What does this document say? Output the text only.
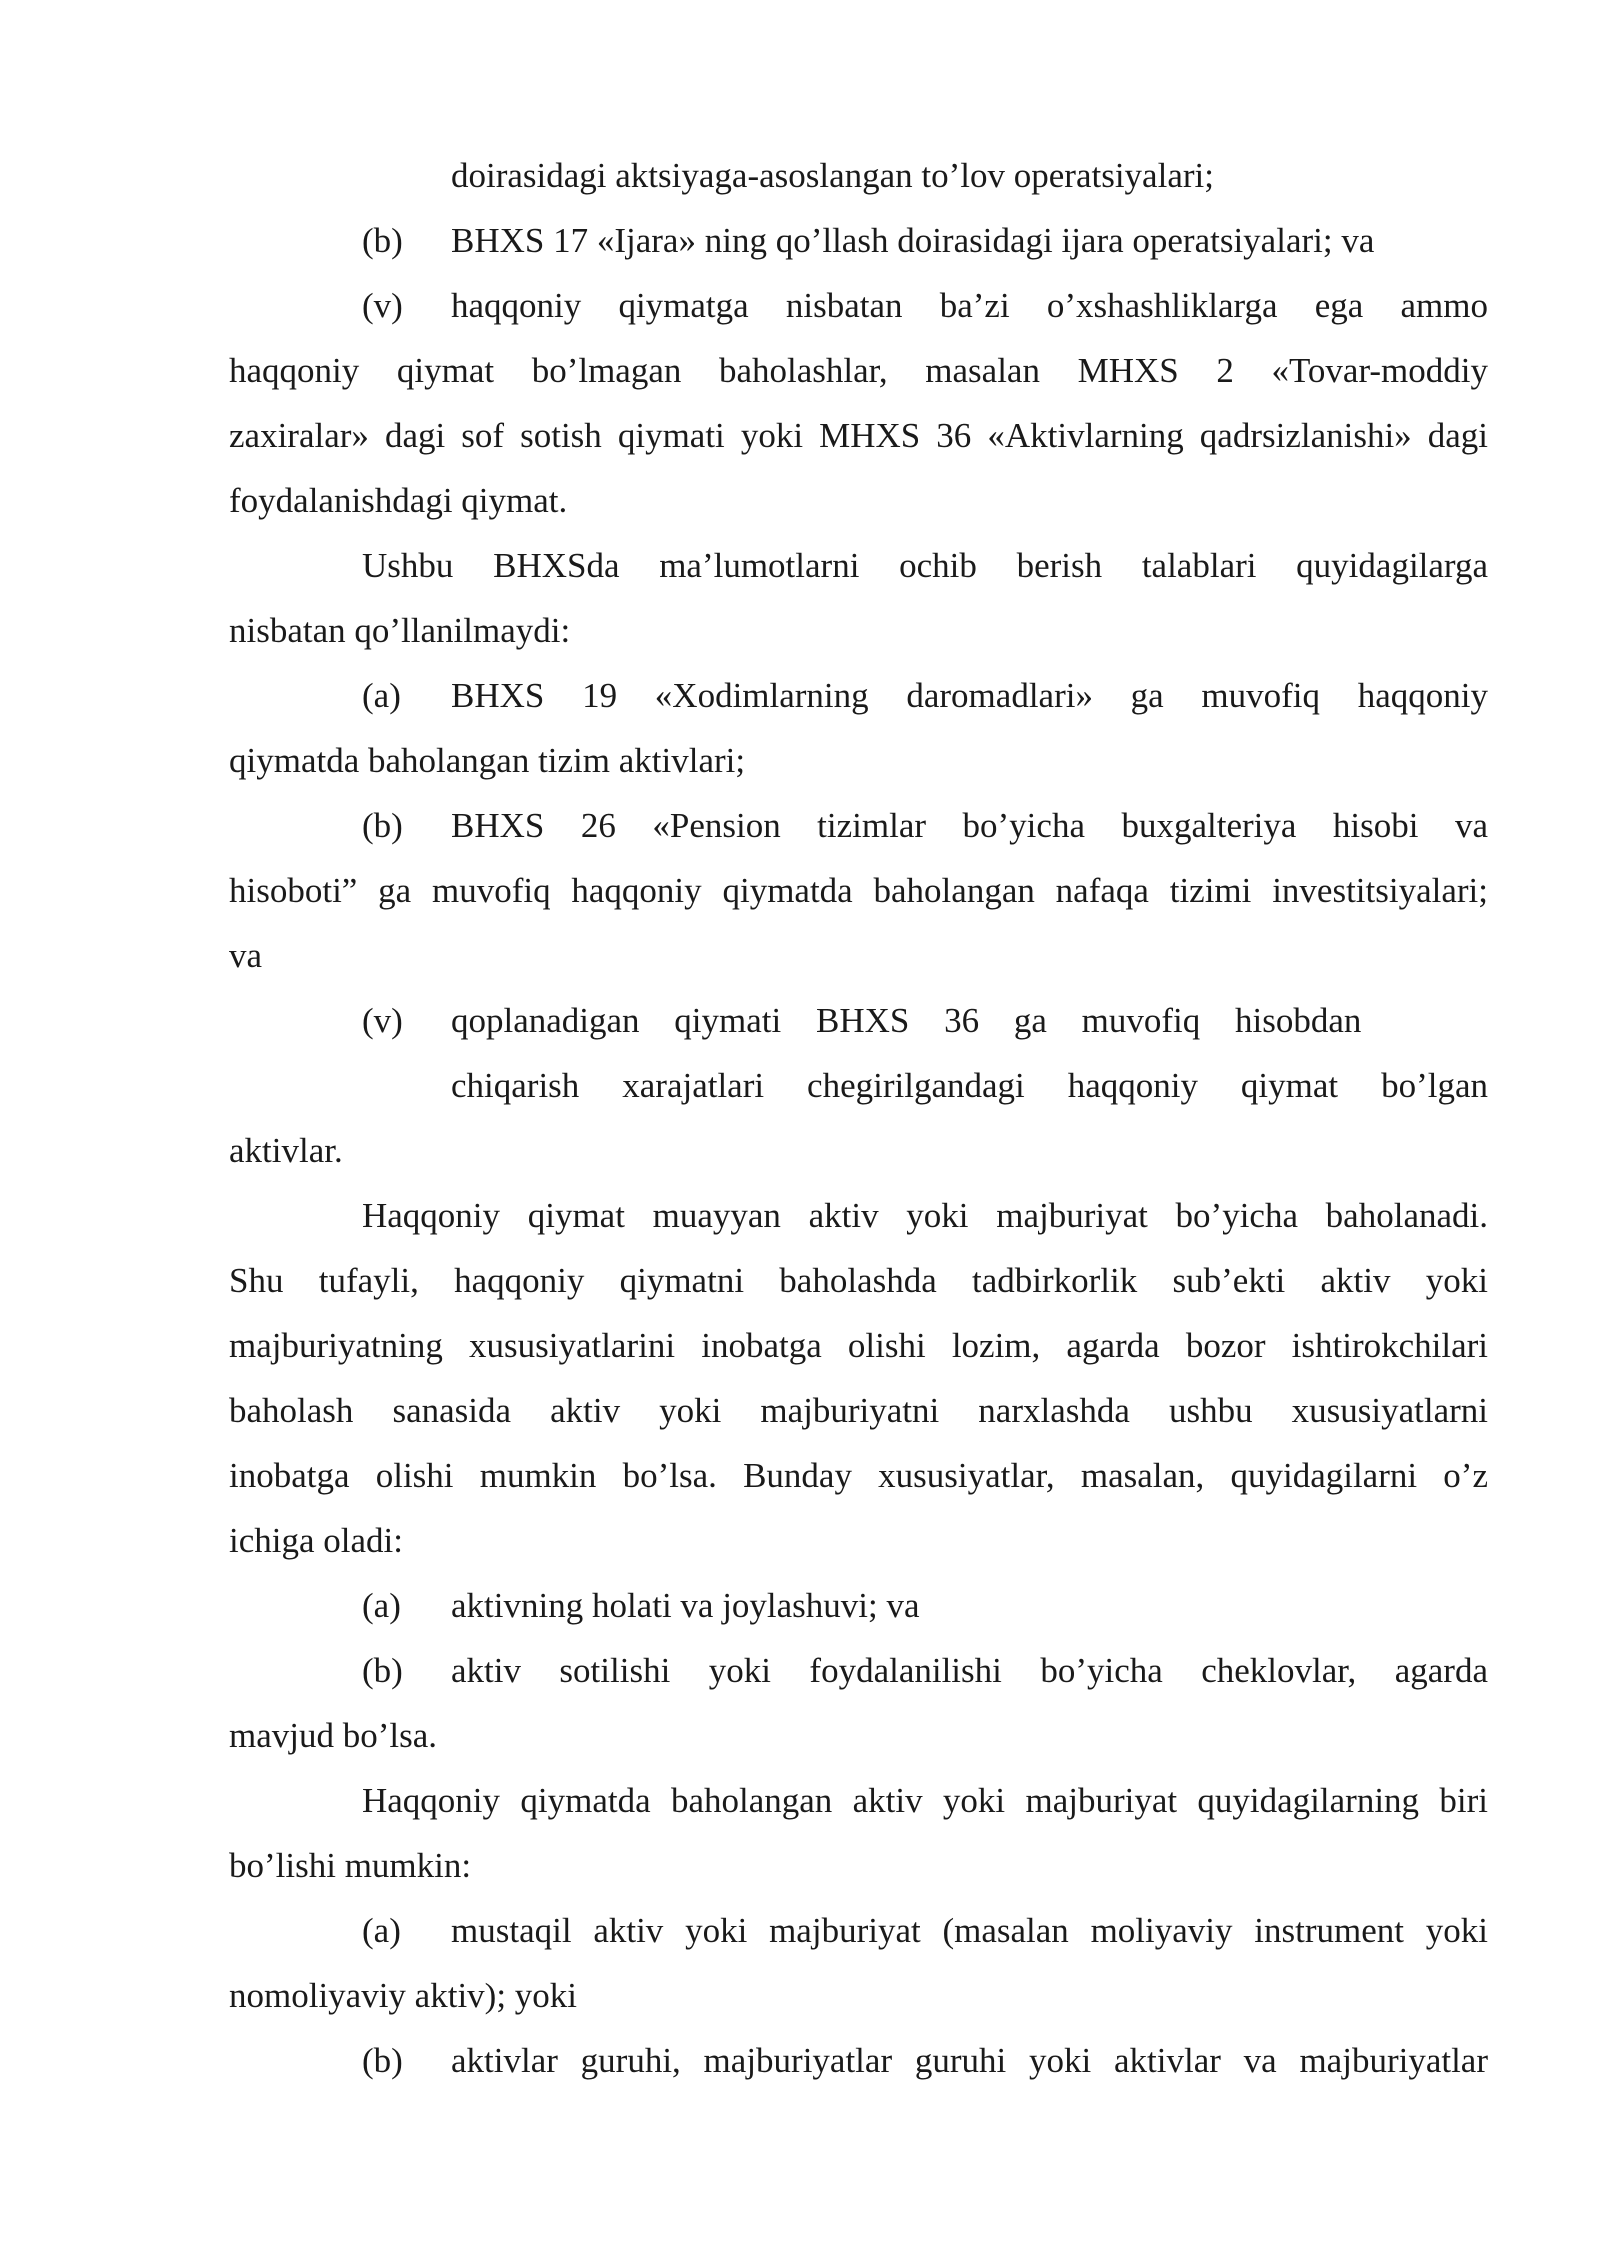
doirasidagi aktsiyaga-asoslangan to’lov operatsiyalari;
(b) BHXS 17 «Ijara» ning qo’llash doirasidagi ijara operatsiyalari; va
(v) haqqoniy qiymatga nisbatan ba’zi o’xshashliklarga ega ammo
haqqoniy qiymat bo’lmagan baholashlar, masalan MHXS 2 «Tovar-moddiy
zaxiralar» dagi sof sotish qiymati yoki MHXS 36 «Aktivlarning qadrsizlanishi» dagi
foydalanishdagi qiymat.
Ushbu BHXSda ma’lumotlarni ochib berish talablari quyidagilarga
nisbatan qo’llanilmaydi:
(a) BHXS 19 «Xodimlarning daromadlari» ga muvofiq haqqoniy
qiymatda baholangan tizim aktivlari;
(b) BHXS 26 «Pension tizimlar bo’yicha buxgalteriya hisobi va
hisoboti” ga muvofiq haqqoniy qiymatda baholangan nafaqa tizimi investitsiyalari;
va
(v) qoplanadigan qiymati BHXS 36 ga muvofiq hisobdan
chiqarish xarajatlari chegirilgandagi haqqoniy qiymat bo’lgan
aktivlar.
Haqqoniy qiymat muayyan aktiv yoki majburiyat bo’yicha baholanadi.
Shu tufayli, haqqoniy qiymatni baholashda tadbirkorlik sub’ekti aktiv yoki
majburiyatning xususiyatlarini inobatga olishi lozim, agarda bozor ishtirokchilari
baholash sanasida aktiv yoki majburiyatni narxlashda ushbu xususiyatlarni
inobatga olishi mumkin bo’lsa. Bunday xususiyatlar, masalan, quyidagilarni o’z
ichiga oladi:
(a) aktivning holati va joylashuvi; va
(b) aktiv sotilishi yoki foydalanilishi bo’yicha cheklovlar, agarda
mavjud bo’lsa.
Haqqoniy qiymatda baholangan aktiv yoki majburiyat quyidagilarning biri
bo’lishi mumkin:
(a) mustaqil aktiv yoki majburiyat (masalan moliyaviy instrument yoki
nomoliyaviy aktiv); yoki
(b) aktivlar guruhi, majburiyatlar guruhi yoki aktivlar va majburiyatlar
